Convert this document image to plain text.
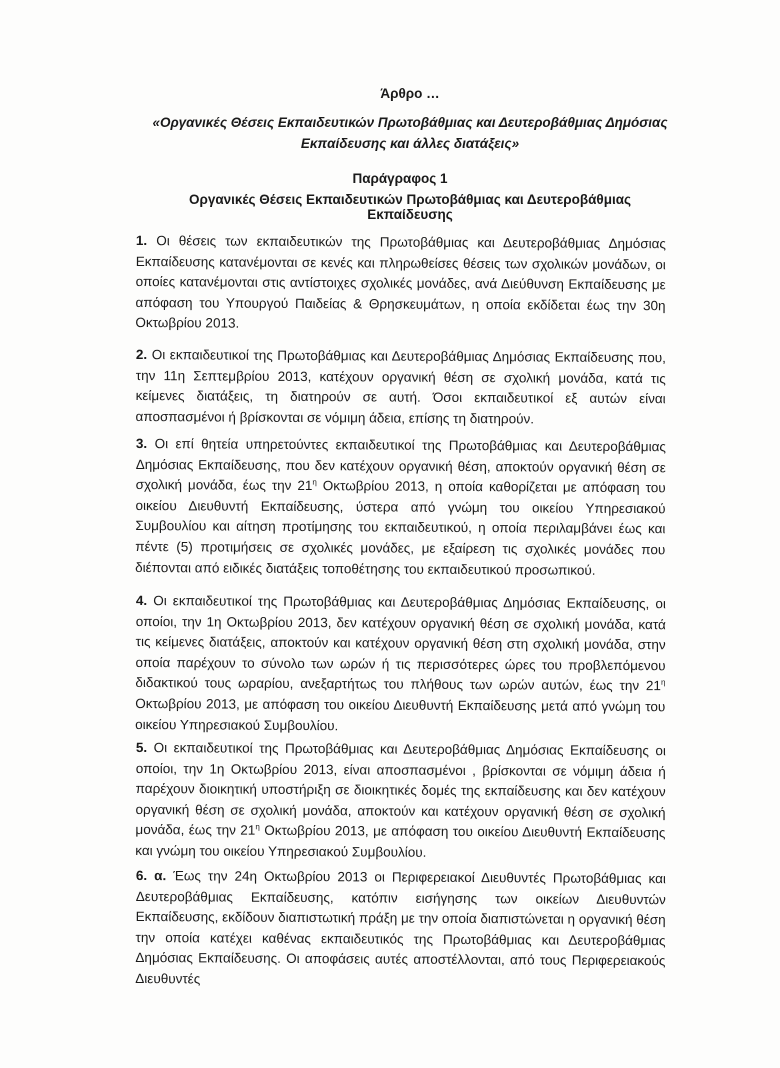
Άρθρο …
«Οργανικές Θέσεις Εκπαιδευτικών Πρωτοβάθμιας και Δευτεροβάθμιας Δημόσιας Εκπαίδευσης και άλλες διατάξεις»
Παράγραφος 1
Οργανικές Θέσεις Εκπαιδευτικών Πρωτοβάθμιας και Δευτεροβάθμιας Εκπαίδευσης

1. Οι θέσεις των εκπαιδευτικών της Πρωτοβάθμιας και Δευτεροβάθμιας Δημόσιας Εκπαίδευσης κατανέμονται σε κενές και πληρωθείσες θέσεις των σχολικών μονάδων, οι οποίες κατανέμονται στις αντίστοιχες σχολικές μονάδες, ανά Διεύθυνση Εκπαίδευσης με απόφαση του Υπουργού Παιδείας & Θρησκευμάτων, η οποία εκδίδεται έως την 30η Οκτωβρίου 2013.

2. Οι εκπαιδευτικοί της Πρωτοβάθμιας και Δευτεροβάθμιας Δημόσιας Εκπαίδευσης που, την 11η Σεπτεμβρίου 2013, κατέχουν οργανική θέση σε σχολική μονάδα, κατά τις κείμενες διατάξεις, τη διατηρούν σε αυτή. Όσοι εκπαιδευτικοί εξ αυτών είναι αποσπασμένοι ή βρίσκονται σε νόμιμη άδεια, επίσης τη διατηρούν.

3. Οι επί θητεία υπηρετούντες εκπαιδευτικοί της Πρωτοβάθμιας και Δευτεροβάθμιας Δημόσιας Εκπαίδευσης, που δεν κατέχουν οργανική θέση, αποκτούν οργανική θέση σε σχολική μονάδα, έως την $21^\eta$ Οκτωβρίου 2013, η οποία καθορίζεται με απόφαση του οικείου Διευθυντή Εκπαίδευσης, ύστερα από γνώμη του οικείου Υπηρεσιακού Συμβουλίου και αίτηση προτίμησης του εκπαιδευτικού, η οποία περιλαμβάνει έως και πέντε (5) προτιμήσεις σε σχολικές μονάδες, με εξαίρεση τις σχολικές μονάδες που διέπονται από ειδικές διατάξεις τοποθέτησης του εκπαιδευτικού προσωπικού.

4. Οι εκπαιδευτικοί της Πρωτοβάθμιας και Δευτεροβάθμιας Δημόσιας Εκπαίδευσης, οι οποίοι, την 1η Οκτωβρίου 2013, δεν κατέχουν οργανική θέση σε σχολική μονάδα, κατά τις κείμενες διατάξεις, αποκτούν και κατέχουν οργανική θέση στη σχολική μονάδα, στην οποία παρέχουν το σύνολο των ωρών ή τις περισσότερες ώρες του προβλεπόμενου διδακτικού τους ωραρίου, ανεξαρτήτως του πλήθους των ωρών αυτών, έως την $21^\eta$ Οκτωβρίου 2013, με απόφαση του οικείου Διευθυντή Εκπαίδευσης μετά από γνώμη του οικείου Υπηρεσιακού Συμβουλίου.

5. Οι εκπαιδευτικοί της Πρωτοβάθμιας και Δευτεροβάθμιας Δημόσιας Εκπαίδευσης οι οποίοι, την 1η Οκτωβρίου 2013, είναι αποσπασμένοι , βρίσκονται σε νόμιμη άδεια ή παρέχουν διοικητική υποστήριξη σε διοικητικές δομές της εκπαίδευσης και δεν κατέχουν οργανική θέση σε σχολική μονάδα, αποκτούν και κατέχουν οργανική θέση σε σχολική μονάδα, έως την $21^\eta$ Οκτωβρίου 2013, με απόφαση του οικείου Διευθυντή Εκπαίδευσης και γνώμη του οικείου Υπηρεσιακού Συμβουλίου.

6. α. Έως την 24η Οκτωβρίου 2013 οι Περιφερειακοί Διευθυντές Πρωτοβάθμιας και Δευτεροβάθμιας Εκπαίδευσης, κατόπιν εισήγησης των οικείων Διευθυντών Εκπαίδευσης, εκδίδουν διαπιστωτική πράξη με την οποία διαπιστώνεται η οργανική θέση την οποία κατέχει καθένας εκπαιδευτικός της Πρωτοβάθμιας και Δευτεροβάθμιας Δημόσιας Εκπαίδευσης. Οι αποφάσεις αυτές αποστέλλονται, από τους Περιφερειακούς Διευθυντές
